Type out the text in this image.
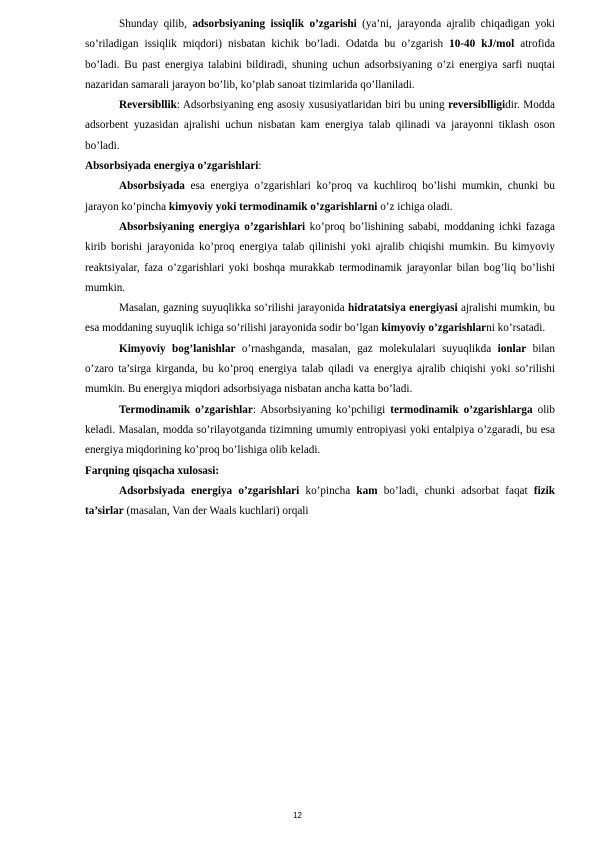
Shunday qilib, adsorbsiyaning issiqlik o’zgarishi (ya’ni, jarayonda ajralib chiqadigan yoki so’riladigan issiqlik miqdori) nisbatan kichik bo’ladi. Odatda bu o’zgarish 10-40 kJ/mol atrofida bo’ladi. Bu past energiya talabini bildiradi, shuning uchun adsorbsiyaning o’zi energiya sarfi nuqtai nazaridan samarali jarayon bo’lib, ko’plab sanoat tizimlarida qo’llaniladi.

Reversibllik: Adsorbsiyaning eng asosiy xususiyatlaridan biri bu uning reversiblligidir. Modda adsorbent yuzasidan ajralishi uchun nisbatan kam energiya talab qilinadi va jarayonni tiklash oson bo’ladi.

Absorbsiyada energiya o’zgarishlari:

Absorbsiyada esa energiya o’zgarishlari ko’proq va kuchliroq bo’lishi mumkin, chunki bu jarayon ko’pincha kimyoviy yoki termodinamik o’zgarishlarni o’z ichiga oladi.

Absorbsiyaning energiya o’zgarishlari ko’proq bo’lishining sababi, moddaning ichki fazaga kirib borishi jarayonida ko’proq energiya talab qilinishi yoki ajralib chiqishi mumkin. Bu kimyoviy reaktsiyalar, faza o’zgarishlari yoki boshqa murakkab termodinamik jarayonlar bilan bog’liq bo’lishi mumkin.

Masalan, gazning suyuqlikka so’rilishi jarayonida hidratatsiya energiyasi ajralishi mumkin, bu esa moddaning suyuqlik ichiga so’rilishi jarayonida sodir bo’lgan kimyoviy o’zgarishlarni ko’rsatadi.

Kimyoviy bog’lanishlar o’rnashganda, masalan, gaz molekulalari suyuqlikda ionlar bilan o’zaro ta’sirga kirganda, bu ko’proq energiya talab qiladi va energiya ajralib chiqishi yoki so’rilishi mumkin. Bu energiya miqdori adsorbsiyaga nisbatan ancha katta bo’ladi.

Termodinamik o’zgarishlar: Absorbsiyaning ko’pchiligi termodinamik o’zgarishlarga olib keladi. Masalan, modda so’rilayotganda tizimning umumiy entropiyasi yoki entalpiya o’zgaradi, bu esa energiya miqdorining ko’proq bo’lishiga olib keladi.

Farqning qisqacha xulosasi:

Adsorbsiyada energiya o’zgarishlari ko’pincha kam bo’ladi, chunki adsorbat faqat fizik ta’sirlar (masalan, Van der Waals kuchlari) orqali

12
